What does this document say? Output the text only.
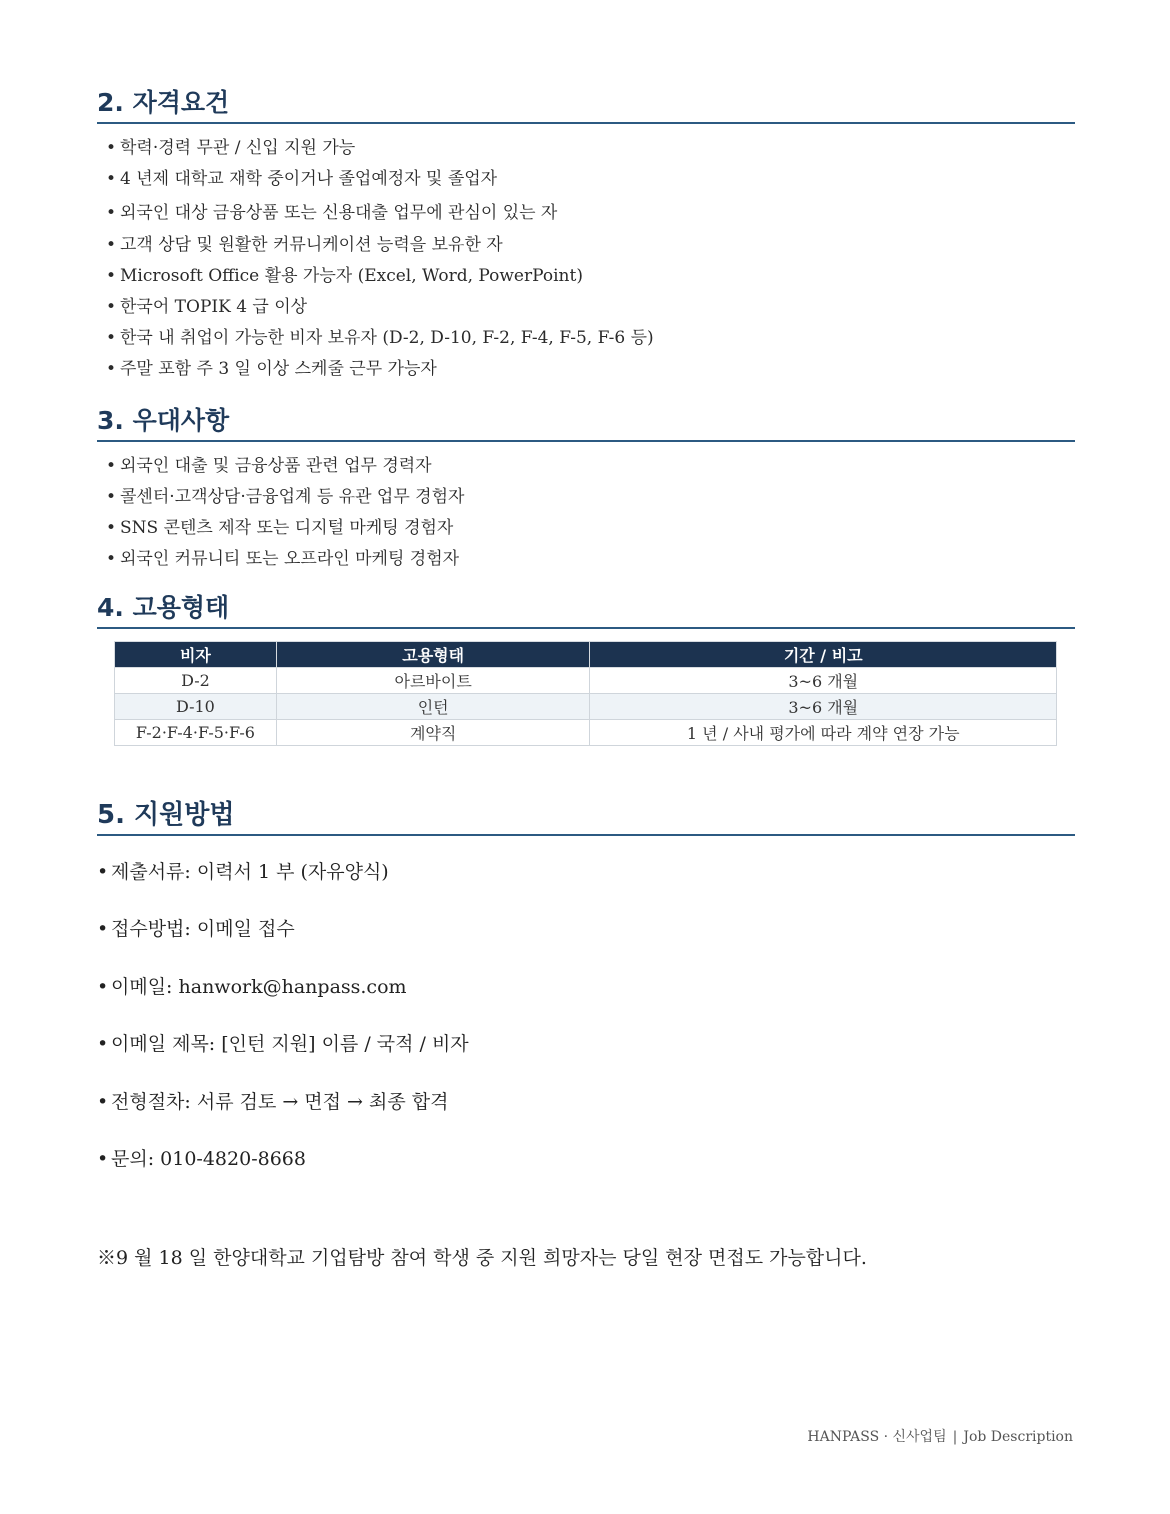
2. 자격요건
• 학력·경력 무관 / 신입 지원 가능
• 4 년제 대학교 재학 중이거나 졸업예정자 및 졸업자
• 외국인 대상 금융상품 또는 신용대출 업무에 관심이 있는 자
• 고객 상담 및 원활한 커뮤니케이션 능력을 보유한 자
• Microsoft Office 활용 가능자 (Excel, Word, PowerPoint)
• 한국어 TOPIK 4 급 이상
• 한국 내 취업이 가능한 비자 보유자 (D-2, D-10, F-2, F-4, F-5, F-6 등)
• 주말 포함 주 3 일 이상 스케줄 근무 가능자
3. 우대사항
• 외국인 대출 및 금융상품 관련 업무 경력자
• 콜센터·고객상담·금융업계 등 유관 업무 경험자
• SNS 콘텐츠 제작 또는 디지털 마케팅 경험자
• 외국인 커뮤니티 또는 오프라인 마케팅 경험자
4. 고용형태
비자	고용형태	기간 / 비고
D-2	아르바이트	3~6 개월
D-10	인턴	3~6 개월
F-2·F-4·F-5·F-6	계약직	1 년 / 사내 평가에 따라 계약 연장 가능
5. 지원방법
• 제출서류: 이력서 1 부 (자유양식)
• 접수방법: 이메일 접수
• 이메일: hanwork@hanpass.com
• 이메일 제목: [인턴 지원] 이름 / 국적 / 비자
• 전형절차: 서류 검토 → 면접 → 최종 합격
• 문의: 010-4820-8668
※9 월 18 일 한양대학교 기업탐방 참여 학생 중 지원 희망자는 당일 현장 면접도 가능합니다.
HANPASS · 신사업팀 | Job Description
